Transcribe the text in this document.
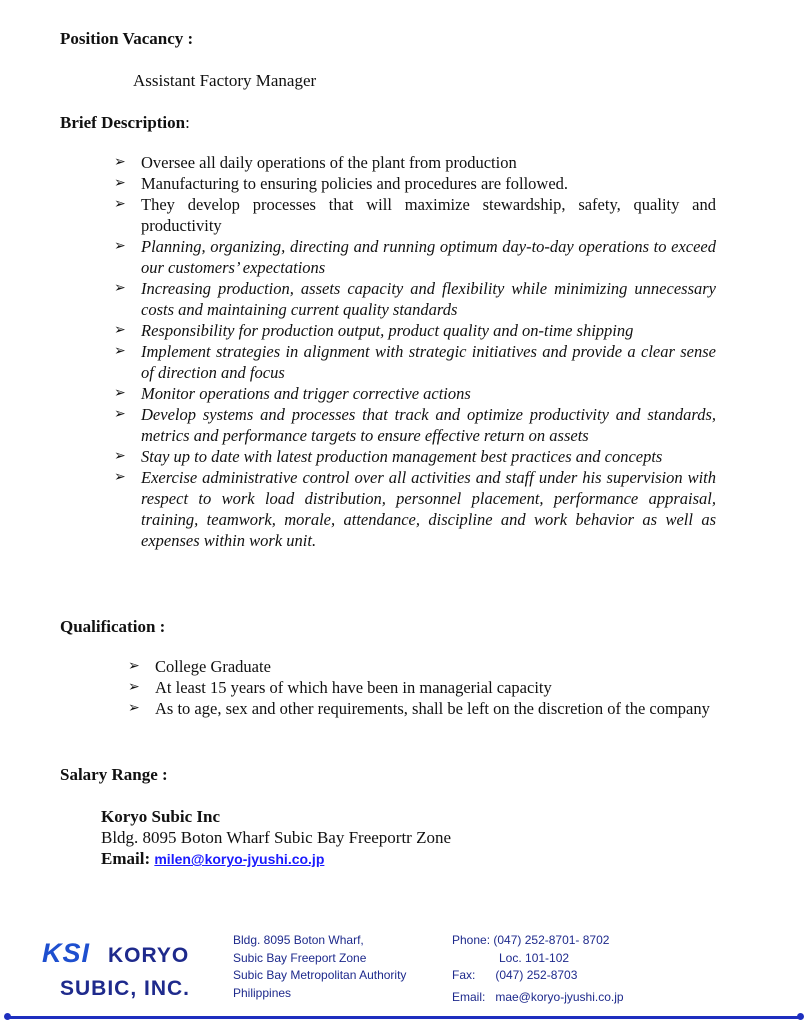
Position Vacancy :
Assistant Factory Manager
Brief Description:
➢ Oversee all daily operations of the plant from production
➢ Manufacturing to ensuring policies and procedures are followed.
➢ They develop processes that will maximize stewardship, safety, quality and productivity
➢ Planning, organizing, directing and running optimum day-to-day operations to exceed our customers’ expectations
➢ Increasing production, assets capacity and flexibility while minimizing unnecessary costs and maintaining current quality standards
➢ Responsibility for production output, product quality and on-time shipping
➢ Implement strategies in alignment with strategic initiatives and provide a clear sense of direction and focus
➢ Monitor operations and trigger corrective actions
➢ Develop systems and processes that track and optimize productivity and standards, metrics and performance targets to ensure effective return on assets
➢ Stay up to date with latest production management best practices and concepts
➢ Exercise administrative control over all activities and staff under his supervision with respect to work load distribution, personnel placement, performance appraisal, training, teamwork, morale, attendance, discipline and work behavior as well as expenses within work unit.
Qualification :
➢ College Graduate
➢ At least 15 years of which have been in managerial capacity
➢ As to age, sex and other requirements, shall be left on the discretion of the company
Salary Range :
Koryo Subic Inc
Bldg. 8095 Boton Wharf Subic Bay Freeportr Zone
Email: milen@koryo-jyushi.co.jp
KSI KORYO
SUBIC, INC.
Bldg. 8095 Boton Wharf,
Subic Bay Freeport Zone
Subic Bay Metropolitan Authority
Philippines
Phone: (047) 252-8701- 8702
Loc. 101-102
Fax:      (047) 252-8703
Email:   mae@koryo-jyushi.co.jp
